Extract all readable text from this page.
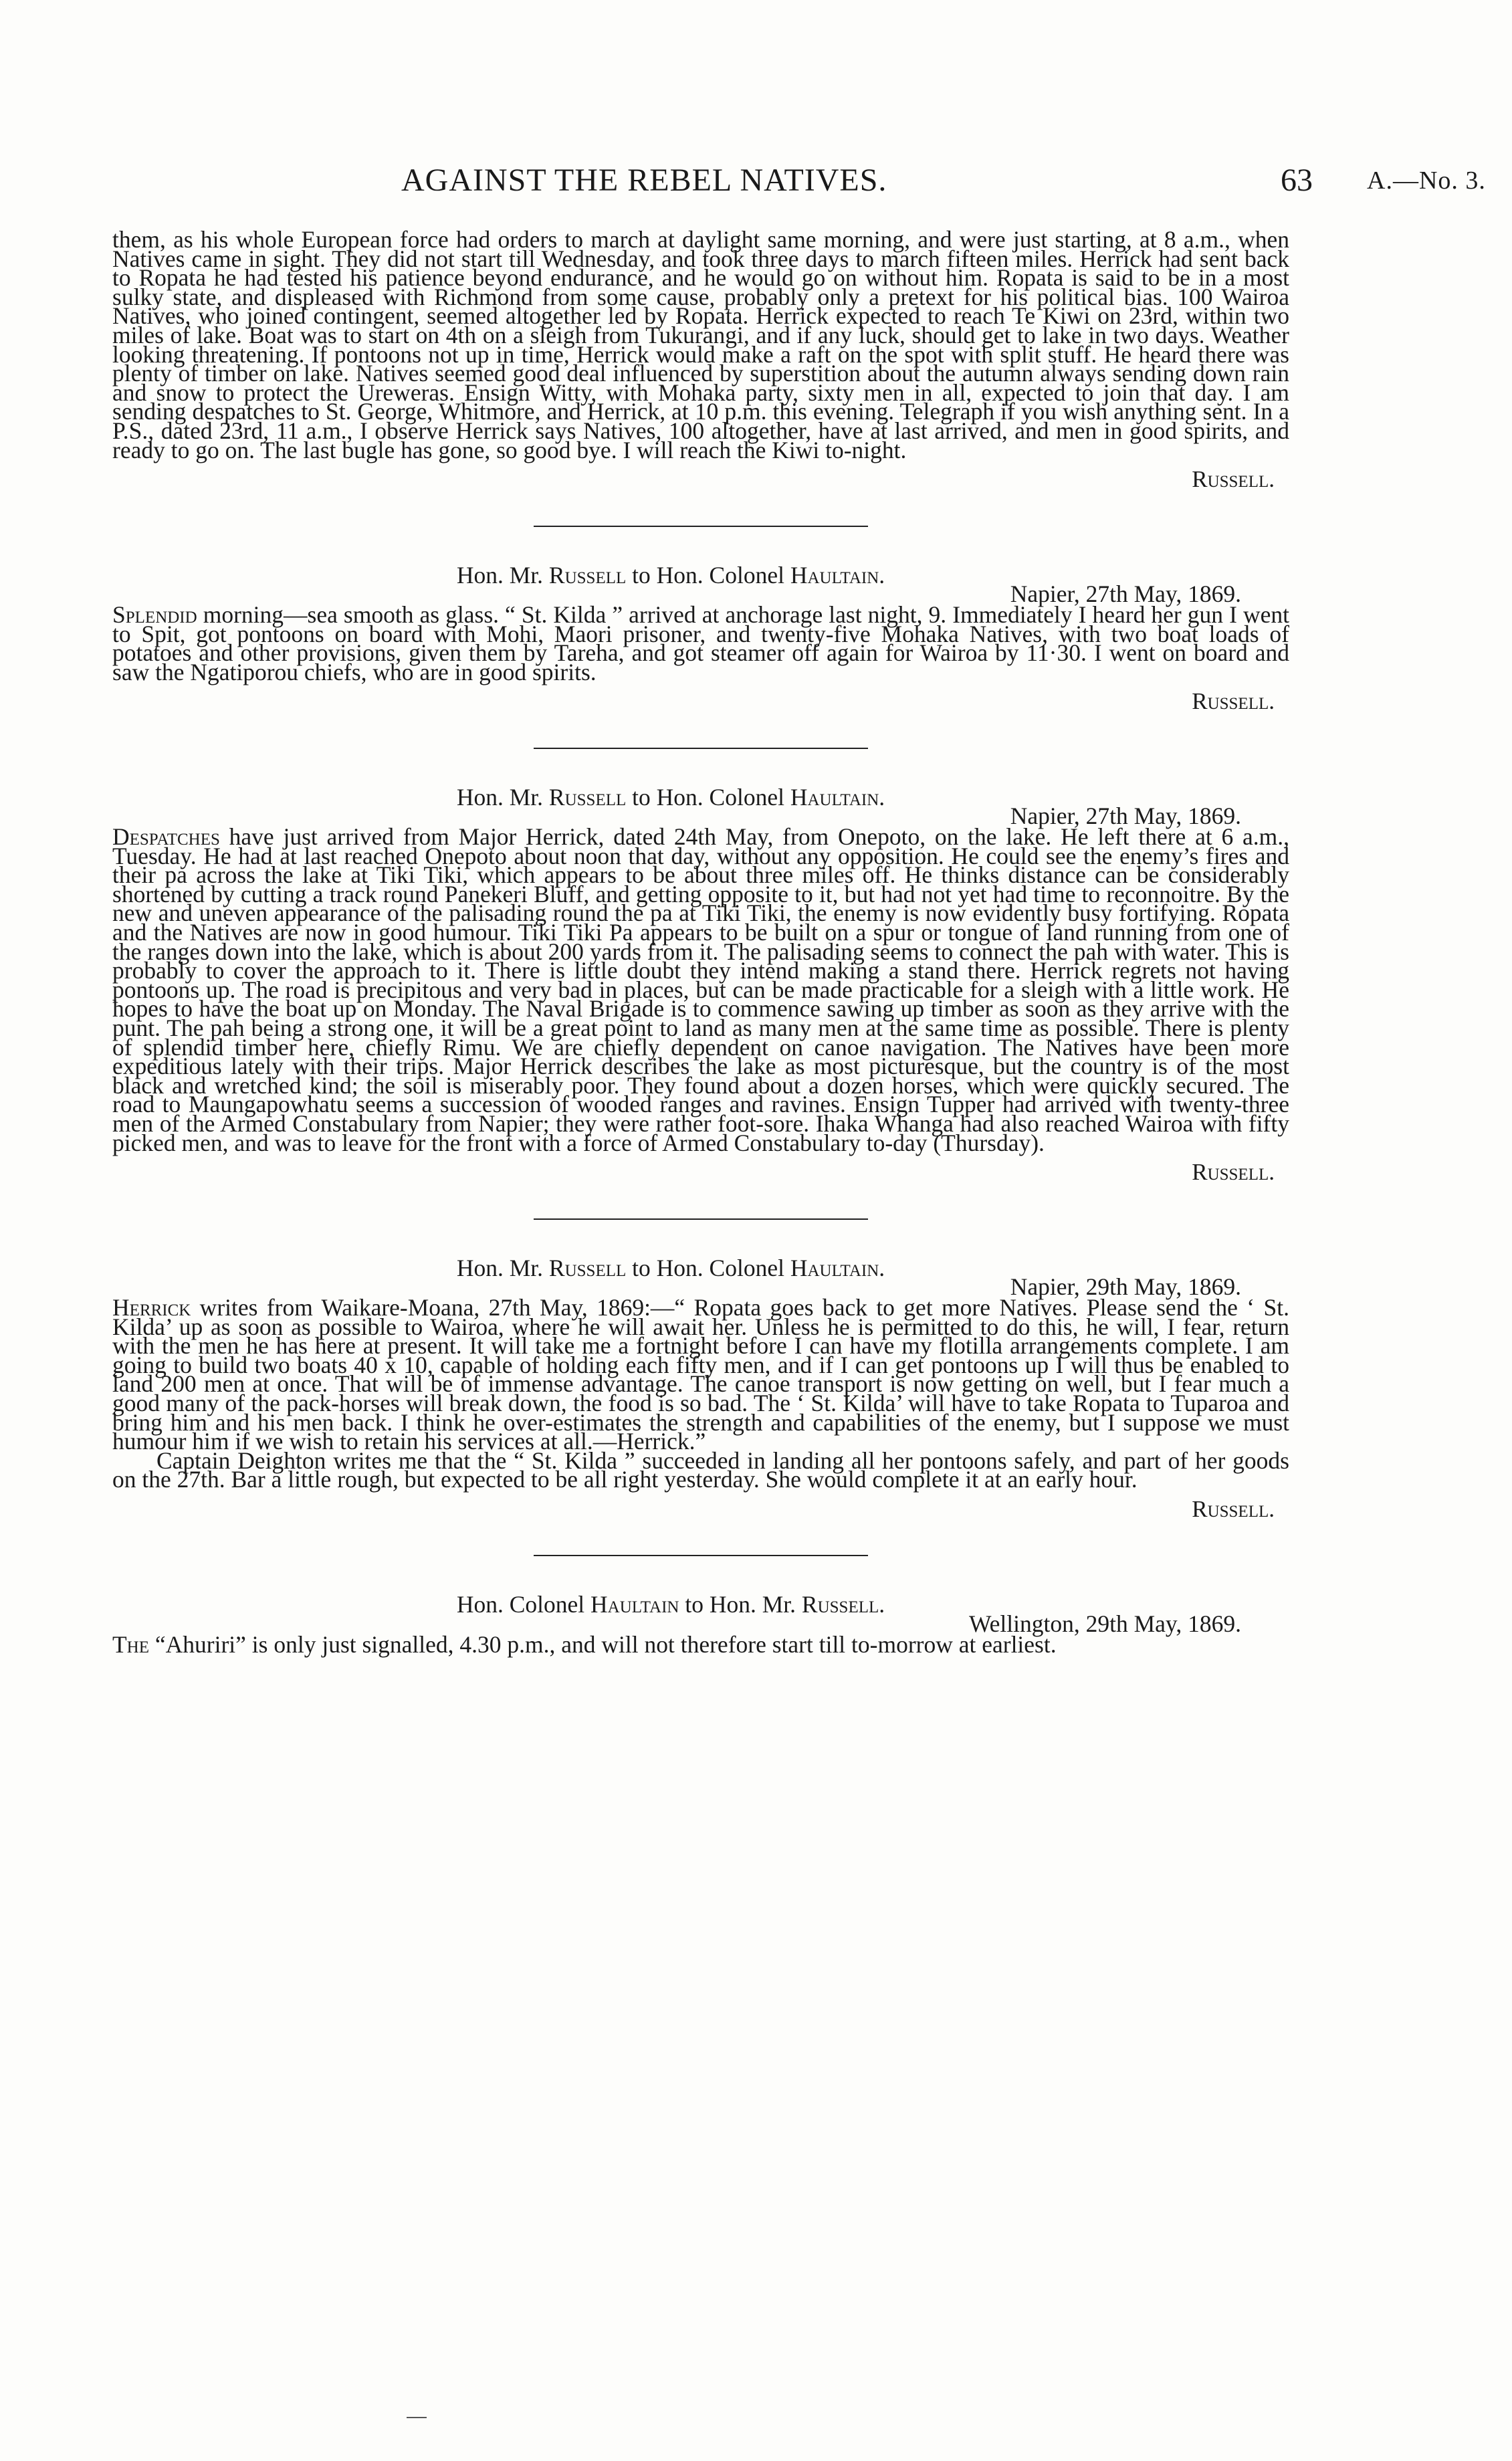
AGAINST THE REBEL NATIVES.	63 A.—No. 3.

them, as his whole European force had orders to march at daylight same morning, and were just starting, at 8 a.m., when Natives came in sight. They did not start till Wednesday, and took three days to march fifteen miles. Herrick had sent back to Ropata he had tested his patience beyond endurance, and he would go on without him. Ropata is said to be in a most sulky state, and displeased with Richmond from some cause, probably only a pretext for his political bias. 100 Wairoa Natives, who joined contingent, seemed altogether led by Ropata. Herrick expected to reach Te Kiwi on 23rd, within two miles of lake. Boat was to start on 4th on a sleigh from Tukurangi, and if any luck, should get to lake in two days. Weather looking threatening. If pontoons not up in time, Herrick would make a raft on the spot with split stuff. He heard there was plenty of timber on lake. Natives seemed good deal influenced by superstition about the autumn always sending down rain and snow to protect the Ureweras. Ensign Witty, with Mohaka party, sixty men in all, expected to join that day. I am sending despatches to St. George, Whitmore, and Herrick, at 10 p.m. this evening. Telegraph if you wish anything sent. In a P.S., dated 23rd, 11 a.m., I observe Herrick says Natives, 100 altogether, have at last arrived, and men in good spirits, and ready to go on. The last bugle has gone, so good bye. I will reach the Kiwi to-night.

Russell.

Hon. Mr. Russell to Hon. Colonel Haultain.

Napier, 27th May, 1869.

Splendid morning—sea smooth as glass. “ St. Kilda ” arrived at anchorage last night, 9. Immediately I heard her gun I went to Spit, got pontoons on board with Mohi, Maori prisoner, and twenty-five Mohaka Natives, with two boat loads of potatoes and other provisions, given them by Tareha, and got steamer off again for Wairoa by 11·30. I went on board and saw the Ngatiporou chiefs, who are in good spirits.

Russell.

Hon. Mr. Russell to Hon. Colonel Haultain.

Napier, 27th May, 1869.

Despatches have just arrived from Major Herrick, dated 24th May, from Onepoto, on the lake. He left there at 6 a.m., Tuesday. He had at last reached Onepoto about noon that day, without any opposition. He could see the enemy’s fires and their pa across the lake at Tiki Tiki, which appears to be about three miles off. He thinks distance can be considerably shortened by cutting a track round Panekeri Bluff, and getting opposite to it, but had not yet had time to reconnoitre. By the new and uneven appearance of the palisading round the pa at Tiki Tiki, the enemy is now evidently busy fortifying. Ropata and the Natives are now in good humour. Tiki Tiki Pa appears to be built on a spur or tongue of land running from one of the ranges down into the lake, which is about 200 yards from it. The palisading seems to connect the pah with water. This is probably to cover the approach to it. There is little doubt they intend making a stand there. Herrick regrets not having pontoons up. The road is precipitous and very bad in places, but can be made practicable for a sleigh with a little work. He hopes to have the boat up on Monday. The Naval Brigade is to commence sawing up timber as soon as they arrive with the punt. The pah being a strong one, it will be a great point to land as many men at the same time as possible. There is plenty of splendid timber here, chiefly Rimu. We are chiefly dependent on canoe navigation. The Natives have been more expeditious lately with their trips. Major Herrick describes the lake as most picturesque, but the country is of the most black and wretched kind; the soil is miserably poor. They found about a dozen horses, which were quickly secured. The road to Maungapowhatu seems a succession of wooded ranges and ravines. Ensign Tupper had arrived with twenty-three men of the Armed Constabulary from Napier; they were rather foot-sore. Ihaka Whanga had also reached Wairoa with fifty picked men, and was to leave for the front with a force of Armed Constabulary to-day (Thursday).

Russell.

Hon. Mr. Russell to Hon. Colonel Haultain.

Napier, 29th May, 1869.

Herrick writes from Waikare-Moana, 27th May, 1869:—“ Ropata goes back to get more Natives. Please send the ‘ St. Kilda’ up as soon as possible to Wairoa, where he will await her. Unless he is permitted to do this, he will, I fear, return with the men he has here at present. It will take me a fortnight before I can have my flotilla arrangements complete. I am going to build two boats 40 x 10, capable of holding each fifty men, and if I can get pontoons up I will thus be enabled to land 200 men at once. That will be of immense advantage. The canoe transport is now getting on well, but I fear much a good many of the pack-horses will break down, the food is so bad. The ‘ St. Kilda’ will have to take Ropata to Tuparoa and bring him and his men back. I think he over-estimates the strength and capabilities of the enemy, but I suppose we must humour him if we wish to retain his services at all.—Herrick.”

Captain Deighton writes me that the “ St. Kilda ” succeeded in landing all her pontoons safely, and part of her goods on the 27th. Bar a little rough, but expected to be all right yesterday. She would complete it at an early hour.

Russell.

Hon. Colonel Haultain to Hon. Mr. Russell.

Wellington, 29th May, 1869.

The “Ahuriri” is only just signalled, 4.30 p.m., and will not therefore start till to-morrow at earliest.
